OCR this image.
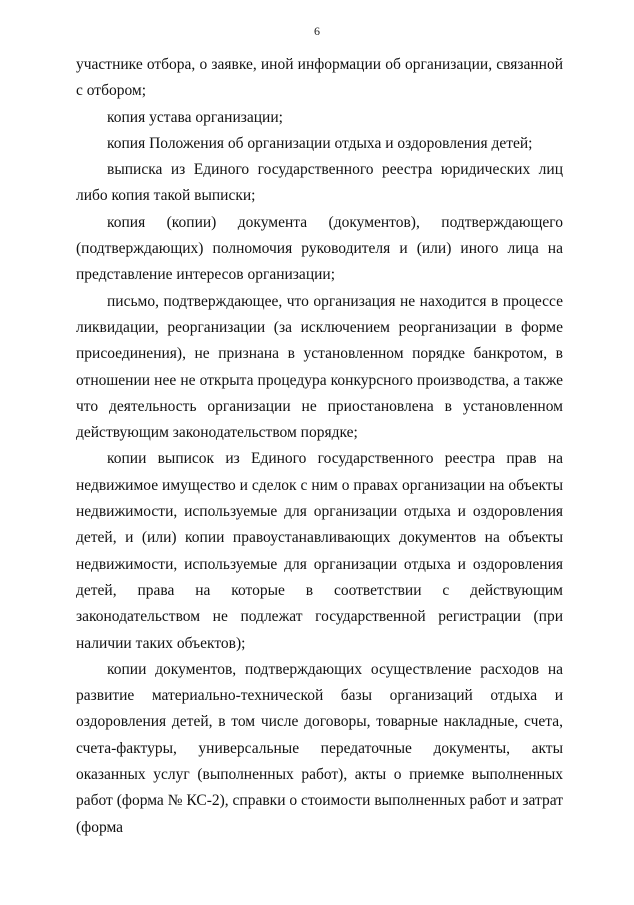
6

участнике отбора, о заявке, иной информации об организации, связанной с отбором;

копия устава организации;

копия Положения об организации отдыха и оздоровления детей;

выписка из Единого государственного реестра юридических лиц либо копия такой выписки;

копия (копии) документа (документов), подтверждающего (подтверждающих) полномочия руководителя и (или) иного лица на представление интересов организации;

письмо, подтверждающее, что организация не находится в процессе ликвидации, реорганизации (за исключением реорганизации в форме присоединения), не признана в установленном порядке банкротом, в отношении нее не открыта процедура конкурсного производства, а также что деятельность организации не приостановлена в установленном действующим законодательством порядке;

копии выписок из Единого государственного реестра прав на недвижимое имущество и сделок с ним о правах организации на объекты недвижимости, используемые для организации отдыха и оздоровления детей, и (или) копии правоустанавливающих документов на объекты недвижимости, используемые для организации отдыха и оздоровления детей, права на которые в соответствии с действующим законодательством не подлежат государственной регистрации (при наличии таких объектов);

копии документов, подтверждающих осуществление расходов на развитие материально-технической базы организаций отдыха и оздоровления детей, в том числе договоры, товарные накладные, счета, счета-фактуры, универсальные передаточные документы, акты оказанных услуг (выполненных работ), акты о приемке выполненных работ (форма № КС-2), справки о стоимости выполненных работ и затрат (форма
